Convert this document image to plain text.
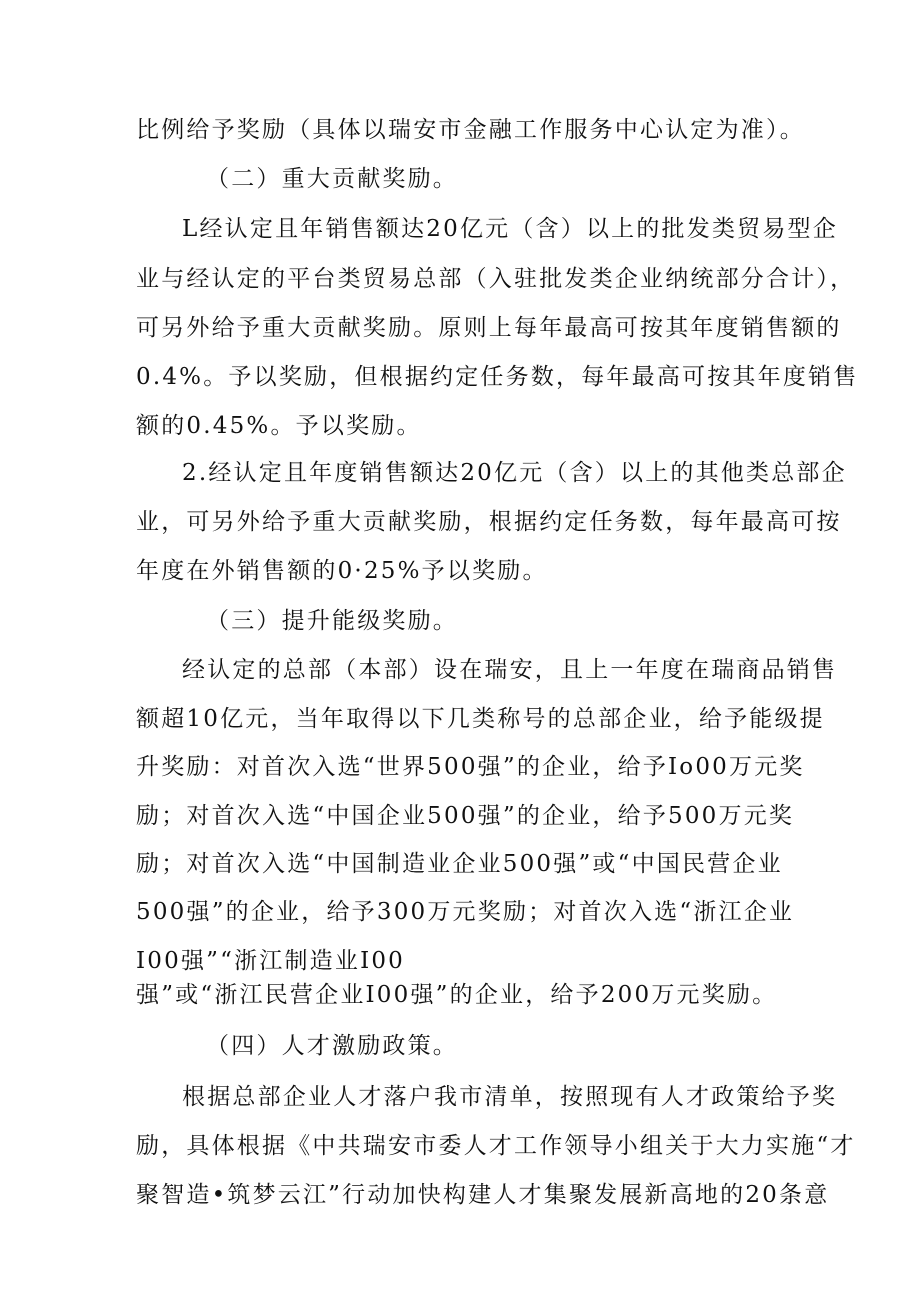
比例给予奖励（具体以瑞安市金融工作服务中心认定为准）。
（二）重大贡献奖励。
L经认定且年销售额达20亿元（含）以上的批发类贸易型企
业与经认定的平台类贸易总部（入驻批发类企业纳统部分合计），
可另外给予重大贡献奖励。原则上每年最高可按其年度销售额的
0.4%。予以奖励，但根据约定任务数，每年最高可按其年度销售
额的0.45%。予以奖励。
2.经认定且年度销售额达20亿元（含）以上的其他类总部企
业，可另外给予重大贡献奖励，根据约定任务数，每年最高可按
年度在外销售额的0·25%予以奖励。
（三）提升能级奖励。
经认定的总部（本部）设在瑞安，且上一年度在瑞商品销售
额超10亿元，当年取得以下几类称号的总部企业，给予能级提
升奖励：对首次入选“世界500强”的企业，给予Io00万元奖
励；对首次入选“中国企业500强”的企业，给予500万元奖
励；对首次入选“中国制造业企业500强”或“中国民营企业
500强”的企业，给予300万元奖励；对首次入选“浙江企业
I00强”“浙江制造业I00
强”或“浙江民营企业I00强”的企业，给予200万元奖励。
（四）人才激励政策。
根据总部企业人才落户我市清单，按照现有人才政策给予奖
励，具体根据《中共瑞安市委人才工作领导小组关于大力实施“才
聚智造•筑梦云江”行动加快构建人才集聚发展新高地的20条意
